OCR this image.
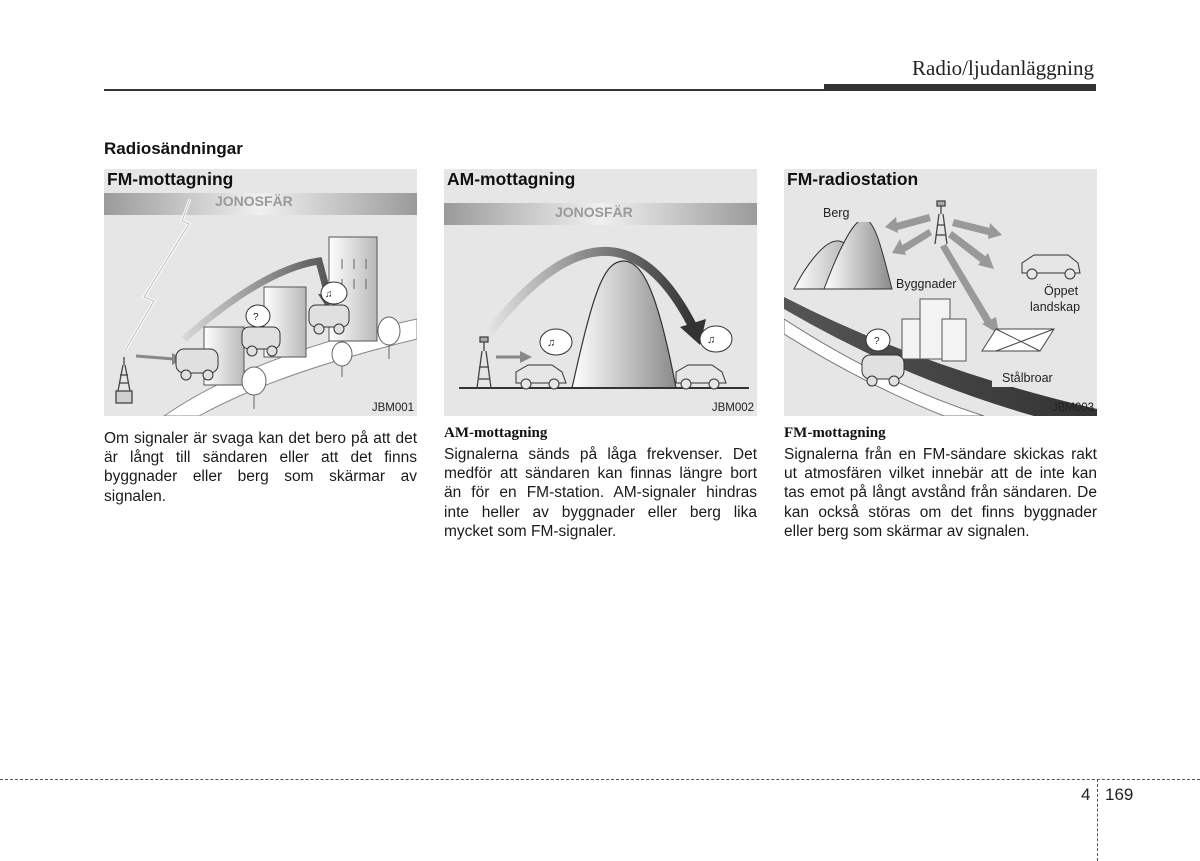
Radio/ljudanläggning
Radiosändningar
?
♫
JONOSFÄR
FM-mottagning
JBM001
♫	♫
JONOSFÄR
AM-mottagning
JBM002
?
Berg
Byggnader	Öppet
landskap
Stålbroar
FM-radiostation
JBM003
Om signaler är svaga kan det bero på att det är långt till sändaren eller att det finns byggnader eller berg som skärmar av signalen.
AM-mottagning
Signalerna sänds på låga frekvenser. Det medför att sändaren kan finnas längre bort än för en FM-station. AM-signaler hindras inte heller av byggnader eller berg lika mycket som FM-signaler.
FM-mottagning
Signalerna från en FM-sändare skickas rakt ut atmosfären vilket innebär att de inte kan tas emot på långt avstånd från sändaren. De kan också störas om det finns byggnader eller berg som skärmar av signalen.
4 169
